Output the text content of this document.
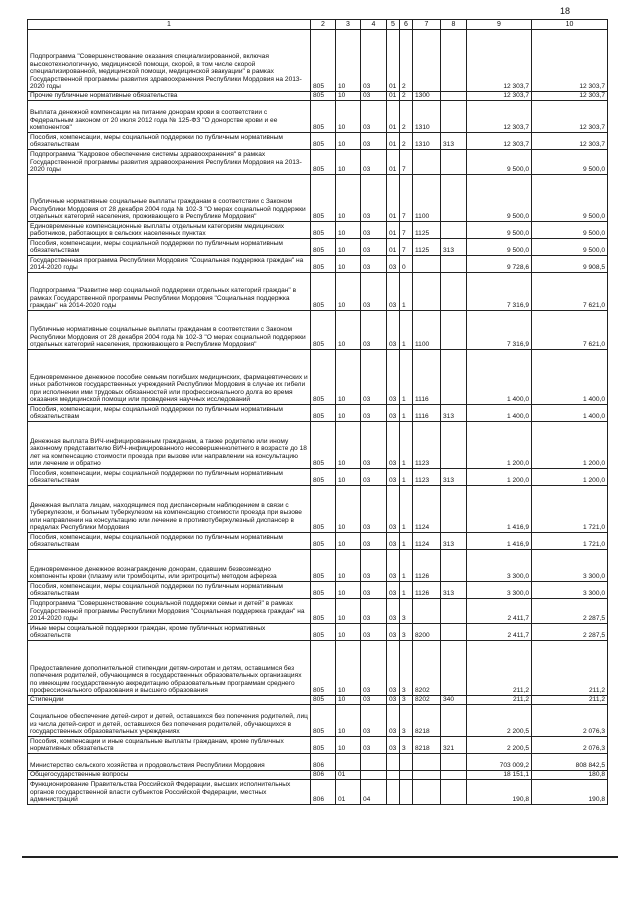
18
1	2	3	4	5	6	7	8	9	10
Подпрограмма "Совершенствование оказания специализированной, включая высокотехнологичную, медицинской помощи, скорой, в том числе скорой специализированной, медицинской помощи, медицинской эвакуации" в рамках Государственной программы развития здравоохранения Республики Мордовия на 2013-2020 годы	805	10	03	01	2			12 303,7	12 303,7
Прочие публичные нормативные обязательства	805	10	03	01	2	1300		12 303,7	12 303,7
Выплата денежной компенсации на питание донорам крови в соответствии с Федеральным законом от 20 июля 2012 года № 125-ФЗ "О донорстве крови и ее компонентов"	805	10	03	01	2	1310		12 303,7	12 303,7
Пособия, компенсации, меры социальной поддержки по публичным нормативным обязательствам	805	10	03	01	2	1310	313	12 303,7	12 303,7
Подпрограмма "Кадровое обеспечение системы здравоохранения" в рамках Государственной программы развития здравоохранения Республики Мордовия на 2013-2020 годы	805	10	03	01	7			9 500,0	9 500,0
Публичные нормативные социальные выплаты гражданам в соответствии с Законом Республики Мордовия от 28 декабря 2004 года № 102-З "О мерах социальной поддержки отдельных категорий населения, проживающего в Республике Мордовия"	805	10	03	01	7	1100		9 500,0	9 500,0
Единовременные компенсационные выплаты отдельным категориям медицинских работников, работающих в сельских населенных пунктах	805	10	03	01	7	1125		9 500,0	9 500,0
Пособия, компенсации, меры социальной поддержки по публичным нормативным обязательствам	805	10	03	01	7	1125	313	9 500,0	9 500,0
Государственная программа Республики Мордовия "Социальная поддержка граждан" на 2014-2020 годы	805	10	03	03	0			9 728,6	9 908,5
Подпрограмма "Развитие мер социальной поддержки отдельных категорий граждан" в рамках Государственной программы Республики Мордовия "Социальная поддержка граждан" на 2014-2020 годы	805	10	03	03	1			7 316,9	7 621,0
Публичные нормативные социальные выплаты гражданам в соответствии с Законом Республики Мордовия от 28 декабря 2004 года № 102-З "О мерах социальной поддержки отдельных категорий населения, проживающего в Республике Мордовия"	805	10	03	03	1	1100		7 316,9	7 621,0
Единовременное денежное пособие семьям погибших медицинских, фармацевтических и иных работников государственных учреждений Республики Мордовия в случае их гибели при исполнении ими трудовых обязанностей или профессионального долга во время оказания медицинской помощи или проведения научных исследований	805	10	03	03	1	1116		1 400,0	1 400,0
Пособия, компенсации, меры социальной поддержки по публичным нормативным обязательствам	805	10	03	03	1	1116	313	1 400,0	1 400,0
Денежная выплата ВИЧ-инфицированным гражданам, а также родителю или иному законному представителю ВИЧ-инфицированного несовершеннолетнего в возрасте до 18 лет на компенсацию стоимости проезда при вызове или направлении на консультацию или лечение и обратно	805	10	03	03	1	1123		1 200,0	1 200,0
Пособия, компенсации, меры социальной поддержки по публичным нормативным обязательствам	805	10	03	03	1	1123	313	1 200,0	1 200,0
Денежная выплата лицам, находящимся под диспансерным наблюдением в связи с туберкулезом, и больным туберкулезом на компенсацию стоимости проезда при вызове или направлении на консультацию или лечение в противотуберкулезный диспансер в пределах Республики Мордовия	805	10	03	03	1	1124		1 416,9	1 721,0
Пособия, компенсации, меры социальной поддержки по публичным нормативным обязательствам	805	10	03	03	1	1124	313	1 416,9	1 721,0
Единовременное денежное вознаграждение донорам, сдавшим безвозмездно компоненты крови (плазму или тромбоциты, или эритроциты) методом афереза	805	10	03	03	1	1126		3 300,0	3 300,0
Пособия, компенсации, меры социальной поддержки по публичным нормативным обязательствам	805	10	03	03	1	1126	313	3 300,0	3 300,0
Подпрограмма "Совершенствование социальной поддержки семьи и детей" в рамках Государственной программы Республики Мордовия "Социальная поддержка граждан" на 2014-2020 годы	805	10	03	03	3			2 411,7	2 287,5
Иные меры социальной поддержки граждан, кроме публичных нормативных обязательств	805	10	03	03	3	8200		2 411,7	2 287,5
Предоставление дополнительной стипендии детям-сиротам и детям, оставшимся без попечения родителей, обучающимся в государственных образовательных организациях по имеющим государственную аккредитацию образовательным программам среднего профессионального образования и высшего образования	805	10	03	03	3	8202		211,2	211,2
Стипендии	805	10	03	03	3	8202	340	211,2	211,2
Социальное обеспечение детей-сирот и детей, оставшихся без попечения родителей, лиц из числа детей-сирот и детей, оставшихся без попечения родителей, обучающихся в государственных образовательных учреждениях	805	10	03	03	3	8218		2 200,5	2 076,3
Пособия, компенсации и иные социальные выплаты гражданам, кроме публичных нормативных обязательств	805	10	03	03	3	8218	321	2 200,5	2 076,3
Министерство сельского хозяйства и продовольствия Республики Мордовия	806							703 009,2	808 842,5
Общегосударственные вопросы	806	01						18 151,1	180,8
Функционирование Правительства Российской Федерации, высших исполнительных органов государственной власти субъектов Российской Федерации, местных администраций	806	01	04					190,8	190,8
